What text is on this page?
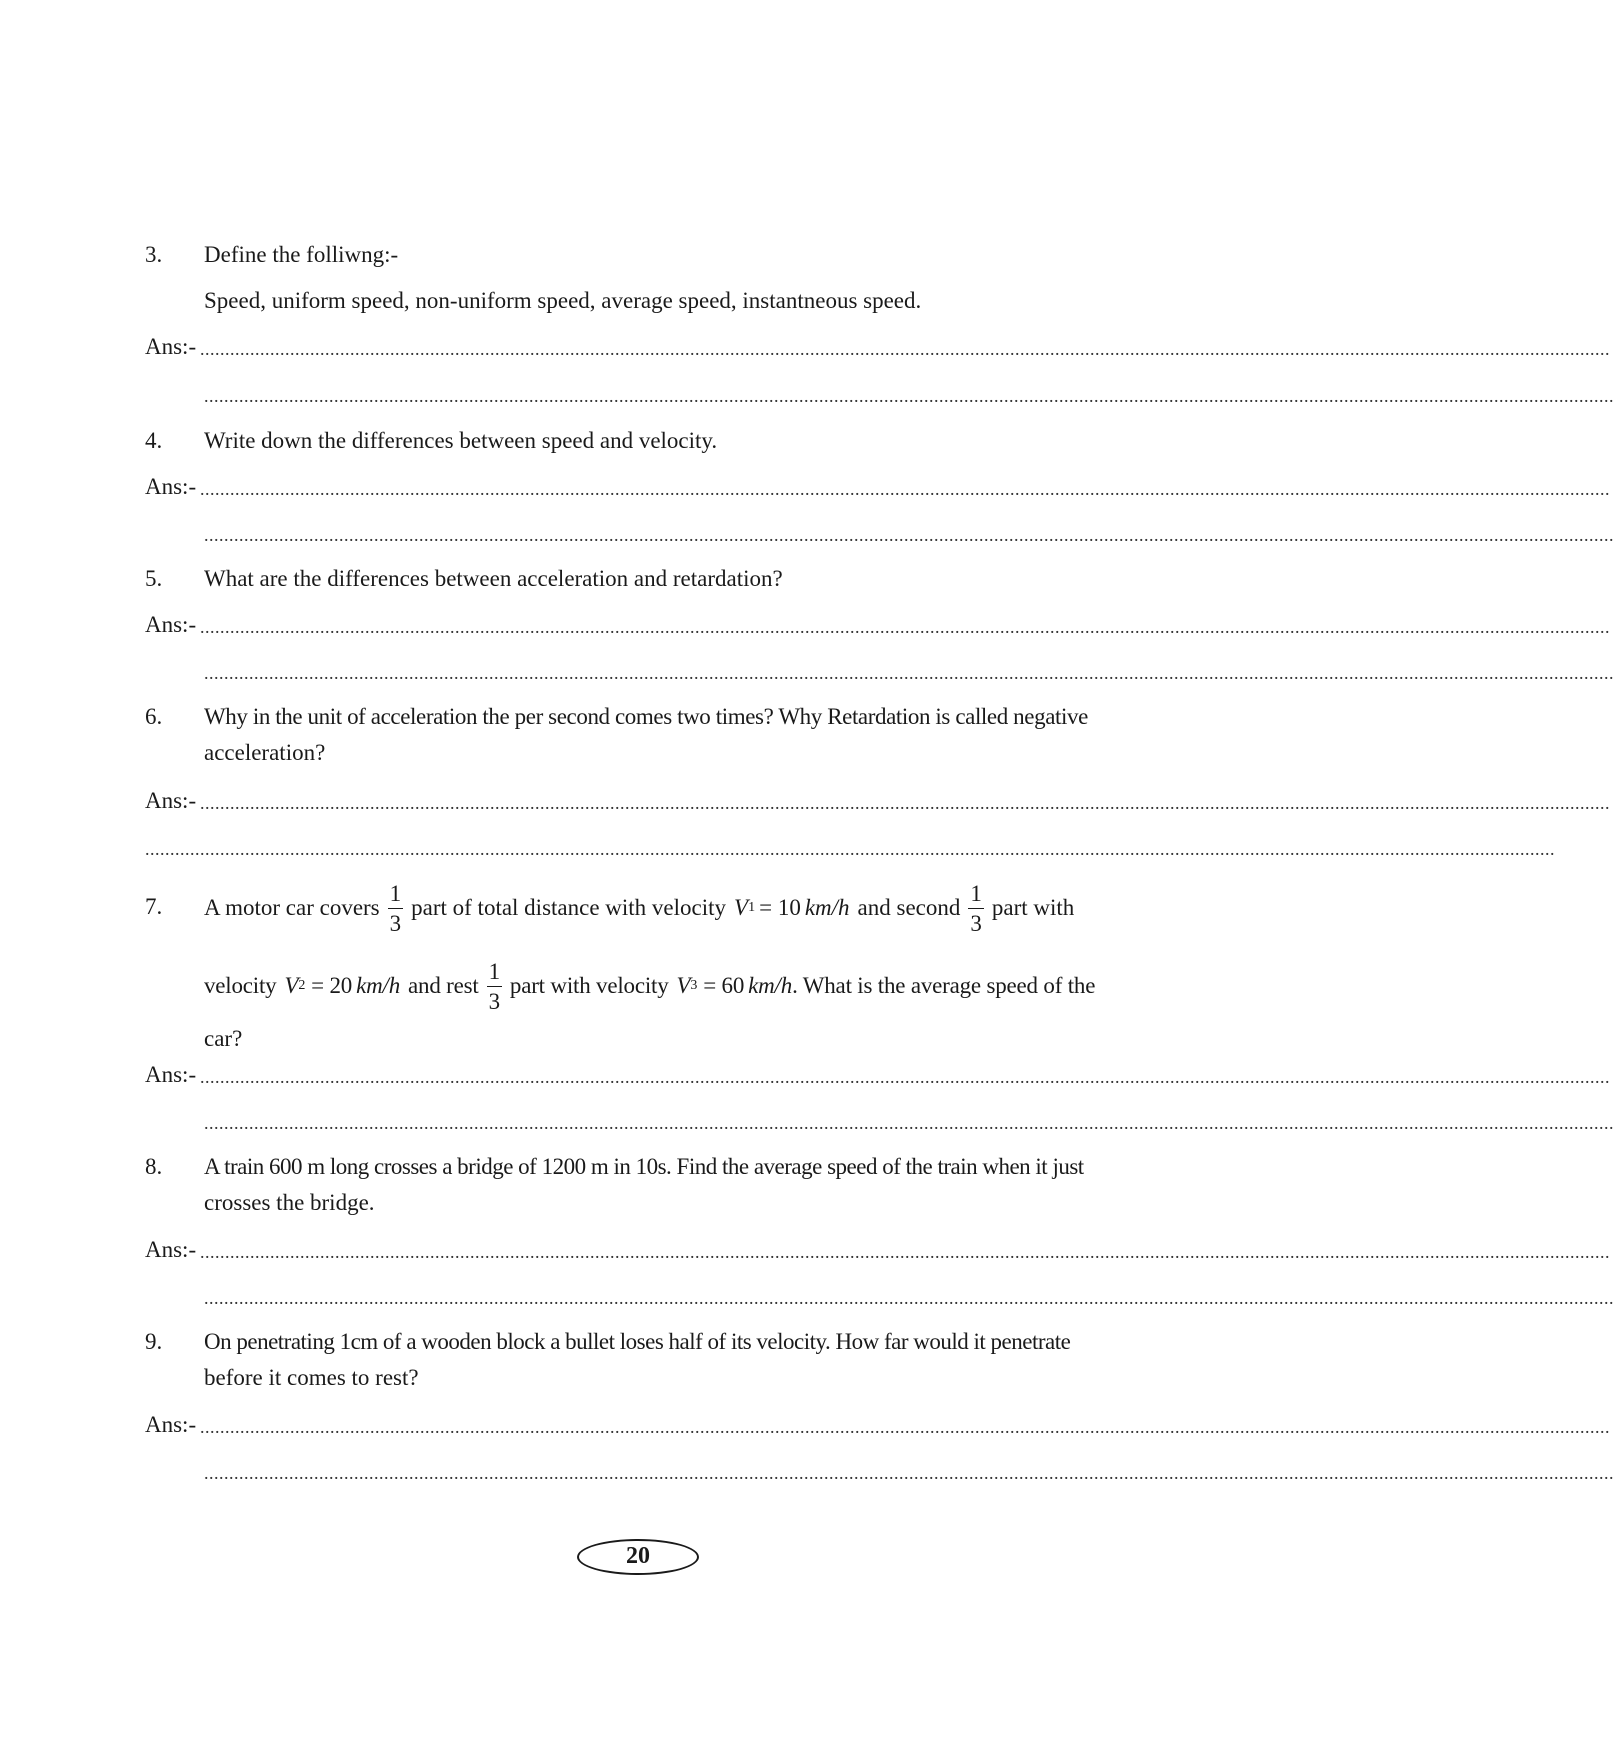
3. Define the folliwng:-
Speed, uniform speed, non-uniform speed, average speed, instantneous speed.
Ans:- ..........................................................................................................................................................................................................................................................................................
..........................................................................................................................................................................................................................................................................................
4. Write down the differences between speed and velocity.
Ans:- ..........................................................................................................................................................................................................................................................................................
..........................................................................................................................................................................................................................................................................................
5. What are the differences between acceleration and retardation?
Ans:- ..........................................................................................................................................................................................................................................................................................
..........................................................................................................................................................................................................................................................................................
6. Why in the unit of acceleration the per second comes two times? Why Retardation is called negative
acceleration?
Ans:- ..........................................................................................................................................................................................................................................................................................
..........................................................................................................................................................................................................................................................................................
7. A motor car covers $\frac{1}{3}$ part of total distance with velocity V 1 = 10 km/h and second $\frac{1}{3}$ part with
velocity V 2 = 20 km/h and rest $\frac{1}{3}$ part with velocity V 3 = 60 km/h . What is the average speed of the
car?
Ans:- ..........................................................................................................................................................................................................................................................................................
..........................................................................................................................................................................................................................................................................................
8. A train 600 m long crosses a bridge of 1200 m in 10s. Find the average speed of the train when it just
crosses the bridge.
Ans:- ..........................................................................................................................................................................................................................................................................................
..........................................................................................................................................................................................................................................................................................
9. On penetrating 1cm of a wooden block a bullet loses half of its velocity. How far would it penetrate
before it comes to rest?
Ans:- ..........................................................................................................................................................................................................................................................................................
..........................................................................................................................................................................................................................................................................................
20
